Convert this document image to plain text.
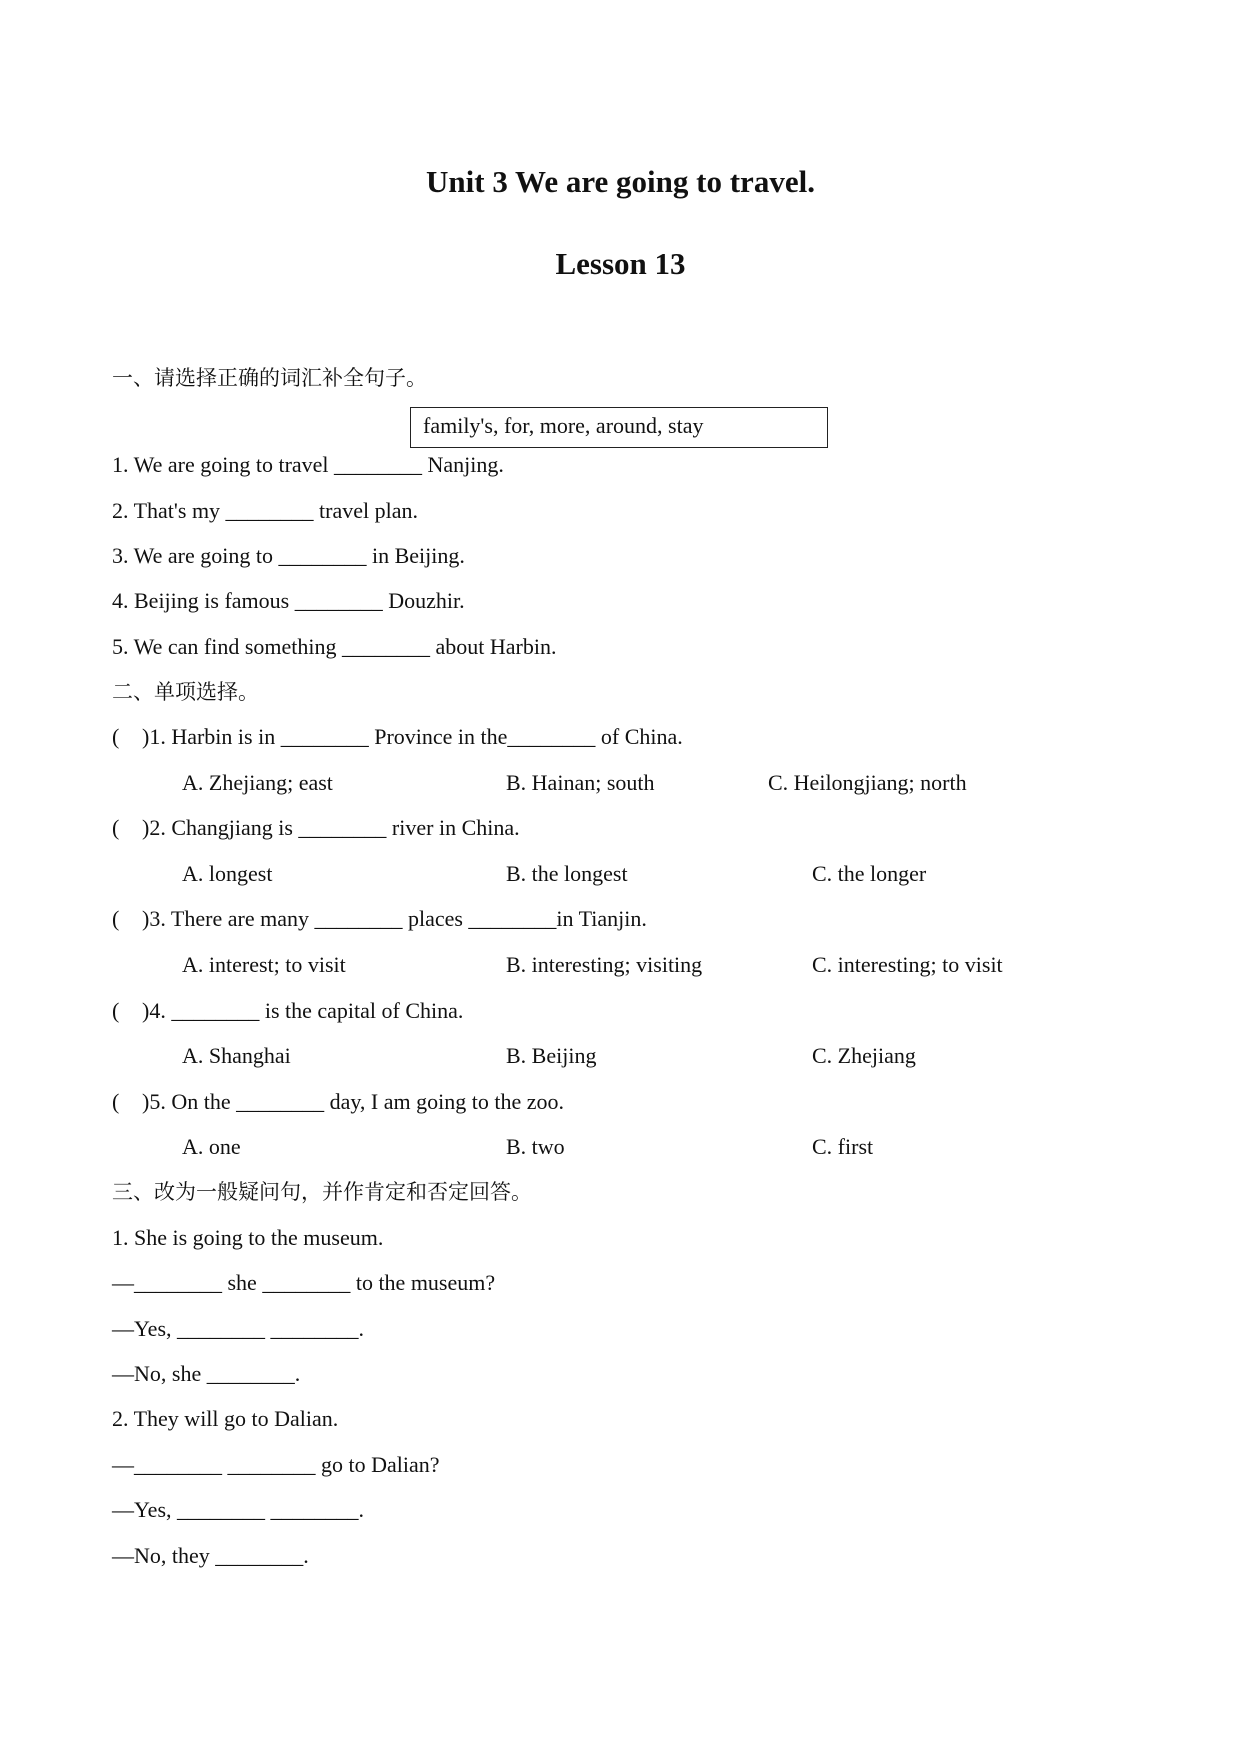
Unit 3 We are going to travel.
Lesson 13
一、请选择正确的词汇补全句子。
family's, for, more, around, stay
1. We are going to travel ________ Nanjing.
2. That's my ________ travel plan.
3. We are going to ________ in Beijing.
4. Beijing is famous ________ Douzhir.
5. We can find something ________ about Harbin.
二、单项选择。
( )1. Harbin is in ________ Province in the________ of China.
A. Zhejiang; east	B. Hainan; south	C. Heilongjiang; north
( )2. Changjiang is ________ river in China.
A. longest	B. the longest	C. the longer
( )3. There are many ________ places ________in Tianjin.
A. interest; to visit	B. interesting; visiting	C. interesting; to visit
( )4. ________ is the capital of China.
A. Shanghai	B. Beijing	C. Zhejiang
( )5. On the ________ day, I am going to the zoo.
A. one	B. two	C. first
三、改为一般疑问句，并作肯定和否定回答。
1. She is going to the museum.
—________ she ________ to the museum?
—Yes, ________ ________.
—No, she ________.
2. They will go to Dalian.
—________ ________ go to Dalian?
—Yes, ________ ________.
—No, they ________.
